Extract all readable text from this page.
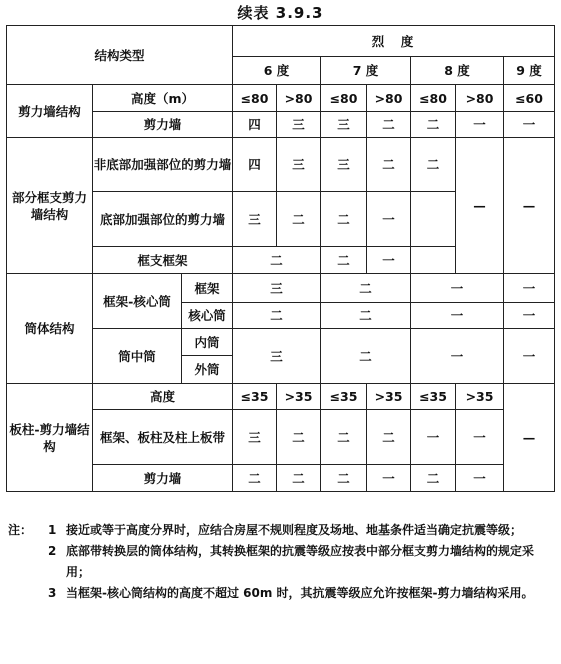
续表 3.9.3
结构类型			烈　度						
			6 度		7 度		8 度		9 度
剪力墙结构	高度（m）		≤80	>80	≤80	>80	≤80	>80	≤60
	剪力墙		四	三	三	二	二	一	一
部分框支剪力墙结构	非底部加强部位的剪力墙		四	三	三	二	二	—	—
	底部加强部位的剪力墙		三	二	二	一			
	框支框架		二		二	一			
筒体结构	框架-核心筒	框架	三		二		一		一
		核心筒	二		二		一		一
	筒中筒	内筒	三		二		一		一
		外筒							
板柱-剪力墙结构	高度		≤35	>35	≤35	>35	≤35	>35	—
	框架、板柱及柱上板带		三	二	二	二	一	一	
	剪力墙		二	二	二	一	二	一	
注：	1 接近或等于高度分界时，应结合房屋不规则程度及场地、地基条件适当确定抗震等级；
2 底部带转换层的筒体结构，其转换框架的抗震等级应按表中部分框支剪力墙结构的规定采用；
3 当框架-核心筒结构的高度不超过 60m 时，其抗震等级应允许按框架-剪力墙结构采用。
